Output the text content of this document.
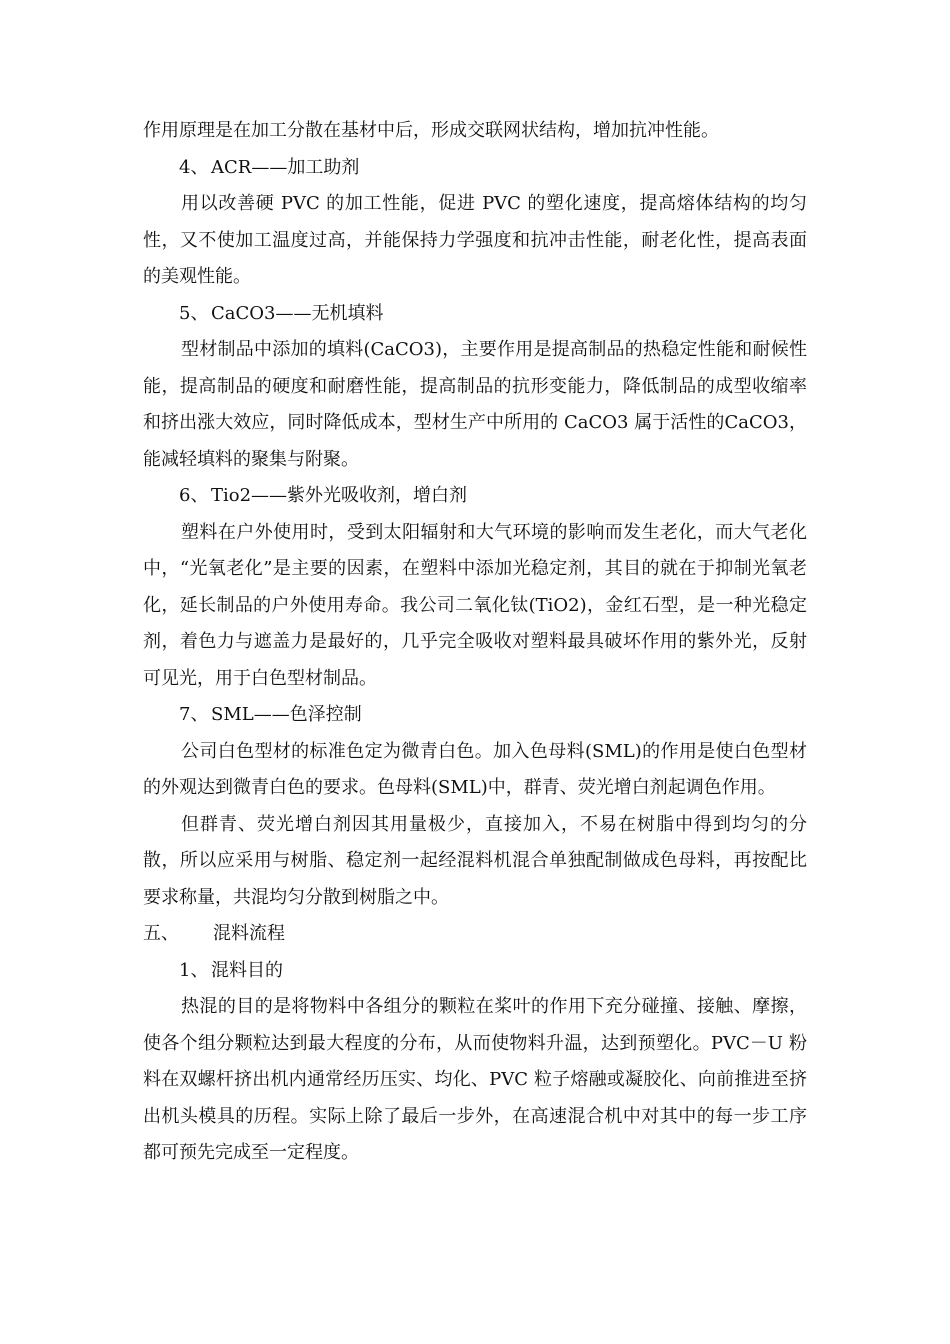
作用原理是在加工分散在基材中后，形成交联网状结构，增加抗冲性能。

4、 ACR——加工助剂

用以改善硬 PVC 的加工性能，促进 PVC 的塑化速度，提高熔体结构的均匀性，又不使加工温度过高，并能保持力学强度和抗冲击性能，耐老化性，提高表面的美观性能。

5、 CaCO3——无机填料

型材制品中添加的填料(CaCO3)，主要作用是提高制品的热稳定性能和耐候性能，提高制品的硬度和耐磨性能，提高制品的抗形变能力，降低制品的成型收缩率和挤出涨大效应，同时降低成本，型材生产中所用的 CaCO3 属于活性的CaCO3，能减轻填料的聚集与附聚。

6、 Tio2——紫外光吸收剂，增白剂

塑料在户外使用时，受到太阳辐射和大气环境的影响而发生老化，而大气老化中，“光氧老化”是主要的因素，在塑料中添加光稳定剂，其目的就在于抑制光氧老化，延长制品的户外使用寿命。我公司二氧化钛(TiO2)，金红石型，是一种光稳定剂，着色力与遮盖力是最好的，几乎完全吸收对塑料最具破坏作用的紫外光，反射可见光，用于白色型材制品。

7、 SML——色泽控制

公司白色型材的标准色定为微青白色。加入色母料(SML)的作用是使白色型材的外观达到微青白色的要求。色母料(SML)中，群青、荧光增白剂起调色作用。

但群青、荧光增白剂因其用量极少，直接加入，不易在树脂中得到均匀的分散，所以应采用与树脂、稳定剂一起经混料机混合单独配制做成色母料，再按配比要求称量，共混均匀分散到树脂之中。

五、 混料流程

1、 混料目的

热混的目的是将物料中各组分的颗粒在桨叶的作用下充分碰撞、接触、摩擦，使各个组分颗粒达到最大程度的分布，从而使物料升温，达到预塑化。PVC－U 粉料在双螺杆挤出机内通常经历压实、均化、PVC 粒子熔融或凝胶化、向前推进至挤出机头模具的历程。实际上除了最后一步外，在高速混合机中对其中的每一步工序都可预先完成至一定程度。
